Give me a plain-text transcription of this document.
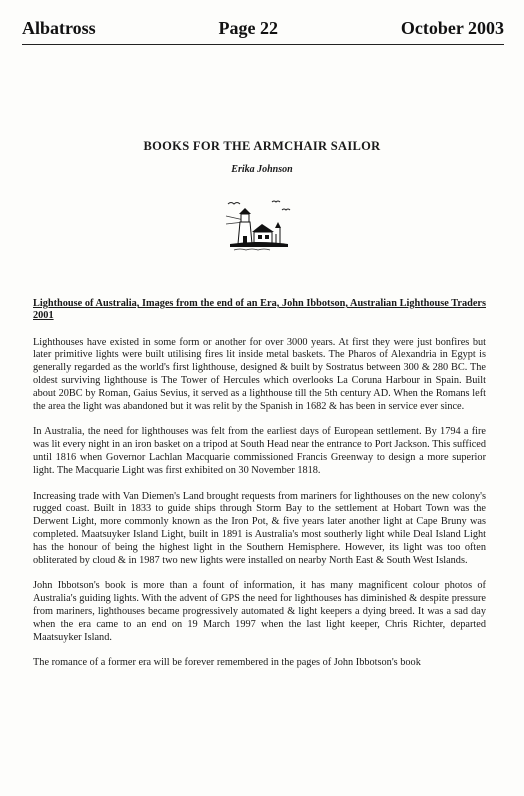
Albatross	Page 22	October 2003
BOOKS FOR THE ARMCHAIR SAILOR
Erika Johnson
Lighthouse of Australia, Images from the end of an Era, John Ibbotson, Australian Lighthouse Traders 2001

Lighthouses have existed in some form or another for over 3000 years. At first they were just bonfires but later primitive lights were built utilising fires lit inside metal baskets. The Pharos of Alexandria in Egypt is generally regarded as the world's first lighthouse, designed & built by Sostratus between 300 & 280 BC. The oldest surviving lighthouse is The Tower of Hercules which overlooks La Coruna Harbour in Spain. Built about 20BC by Roman, Gaius Sevius, it served as a lighthouse till the 5th century AD. When the Romans left the area the light was abandoned but it was relit by the Spanish in 1682 & has been in service ever since.

In Australia, the need for lighthouses was felt from the earliest days of European settlement. By 1794 a fire was lit every night in an iron basket on a tripod at South Head near the entrance to Port Jackson. This sufficed until 1816 when Governor Lachlan Macquarie commissioned Francis Greenway to design a more superior light. The Macquarie Light was first exhibited on 30 November 1818.

Increasing trade with Van Diemen's Land brought requests from mariners for lighthouses on the new colony's rugged coast. Built in 1833 to guide ships through Storm Bay to the settlement at Hobart Town was the Derwent Light, more commonly known as the Iron Pot, & five years later another light at Cape Bruny was completed. Maatsuyker Island Light, built in 1891 is Australia's most southerly light while Deal Island Light has the honour of being the highest light in the Southern Hemisphere. However, its light was too often obliterated by cloud & in 1987 two new lights were installed on nearby North East & South West Islands.

John Ibbotson's book is more than a fount of information, it has many magnificent colour photos of Australia's guiding lights. With the advent of GPS the need for lighthouses has diminished & despite pressure from mariners, lighthouses became progressively automated & light keepers a dying breed. It was a sad day when the era came to an end on 19 March 1997 when the last light keeper, Chris Richter, departed Maatsuyker Island.

The romance of a former era will be forever remembered in the pages of John Ibbotson's book
